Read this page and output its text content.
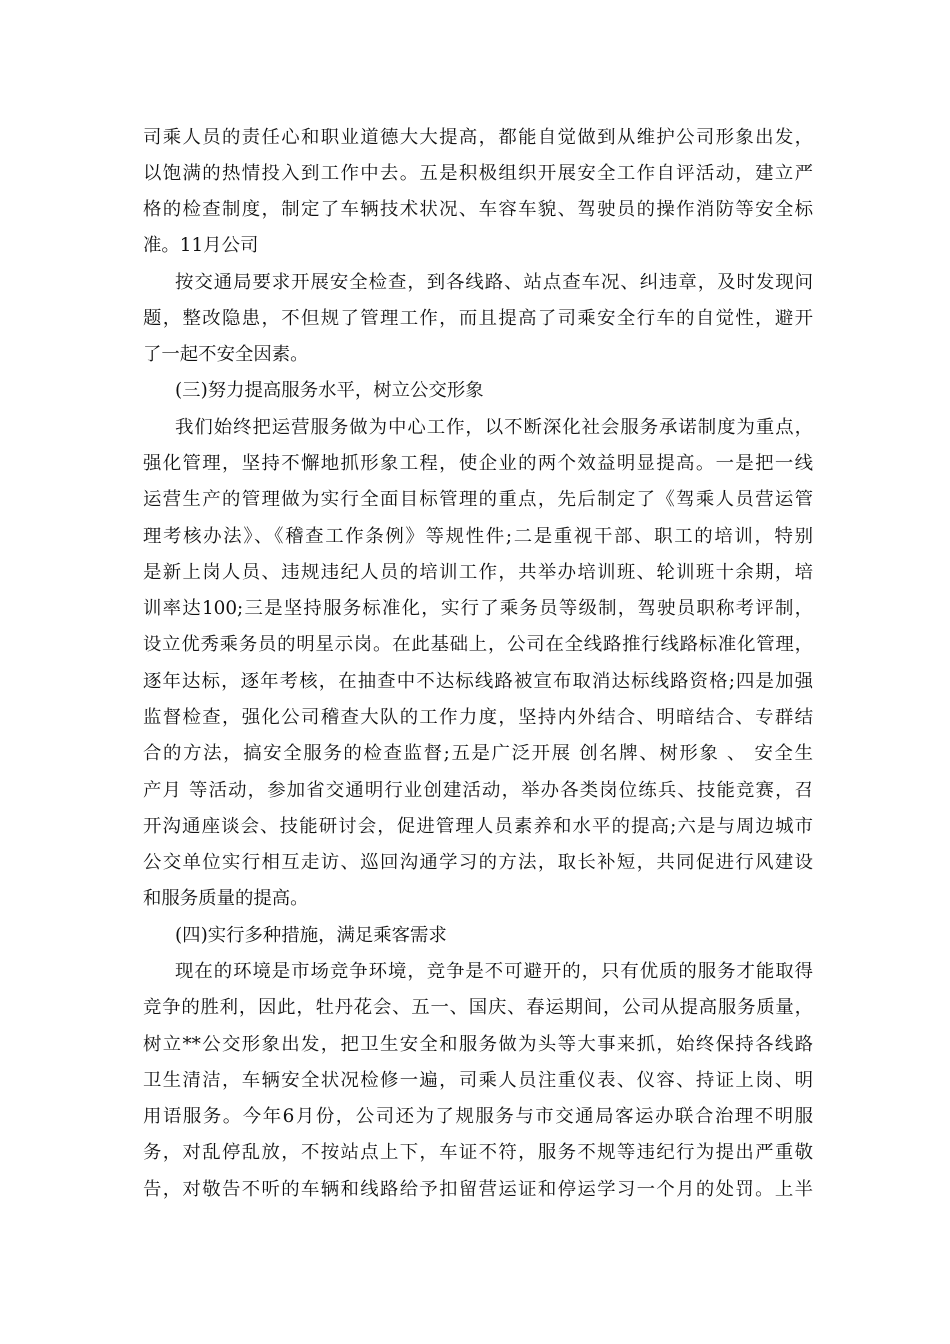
司乘人员的责任心和职业道德大大提高，都能自觉做到从维护公司形象出发，
以饱满的热情投入到工作中去。五是积极组织开展安全工作自评活动，建立严
格的检查制度，制定了车辆技术状况、车容车貌、驾驶员的操作消防等安全标
准。11月公司
按交通局要求开展安全检查，到各线路、站点查车况、纠违章，及时发现问
题，整改隐患，不但规了管理工作，而且提高了司乘安全行车的自觉性，避开
了一起不安全因素。
(三)努力提高服务水平，树立公交形象
我们始终把运营服务做为中心工作，以不断深化社会服务承诺制度为重点，
强化管理，坚持不懈地抓形象工程，使企业的两个效益明显提高。一是把一线
运营生产的管理做为实行全面目标管理的重点，先后制定了《驾乘人员营运管
理考核办法》、《稽查工作条例》等规性件;二是重视干部、职工的培训，特别
是新上岗人员、违规违纪人员的培训工作，共举办培训班、轮训班十余期，培
训率达100;三是坚持服务标准化，实行了乘务员等级制，驾驶员职称考评制，
设立优秀乘务员的明星示岗。在此基础上，公司在全线路推行线路标准化管理，
逐年达标，逐年考核，在抽查中不达标线路被宣布取消达标线路资格;四是加强
监督检查，强化公司稽查大队的工作力度，坚持内外结合、明暗结合、专群结
合的方法，搞安全服务的检查监督;五是广泛开展 创名牌、树形象 、 安全生
产月 等活动，参加省交通明行业创建活动，举办各类岗位练兵、技能竞赛，召
开沟通座谈会、技能研讨会，促进管理人员素养和水平的提高;六是与周边城市
公交单位实行相互走访、巡回沟通学习的方法，取长补短，共同促进行风建设
和服务质量的提高。
(四)实行多种措施，满足乘客需求
现在的环境是市场竞争环境，竞争是不可避开的，只有优质的服务才能取得
竞争的胜利，因此，牡丹花会、五一、国庆、春运期间，公司从提高服务质量，
树立**公交形象出发，把卫生安全和服务做为头等大事来抓，始终保持各线路
卫生清洁，车辆安全状况检修一遍，司乘人员注重仪表、仪容、持证上岗、明
用语服务。今年6月份，公司还为了规服务与市交通局客运办联合治理不明服
务，对乱停乱放，不按站点上下，车证不符，服务不规等违纪行为提出严重敬
告，对敬告不听的车辆和线路给予扣留营运证和停运学习一个月的处罚。上半
